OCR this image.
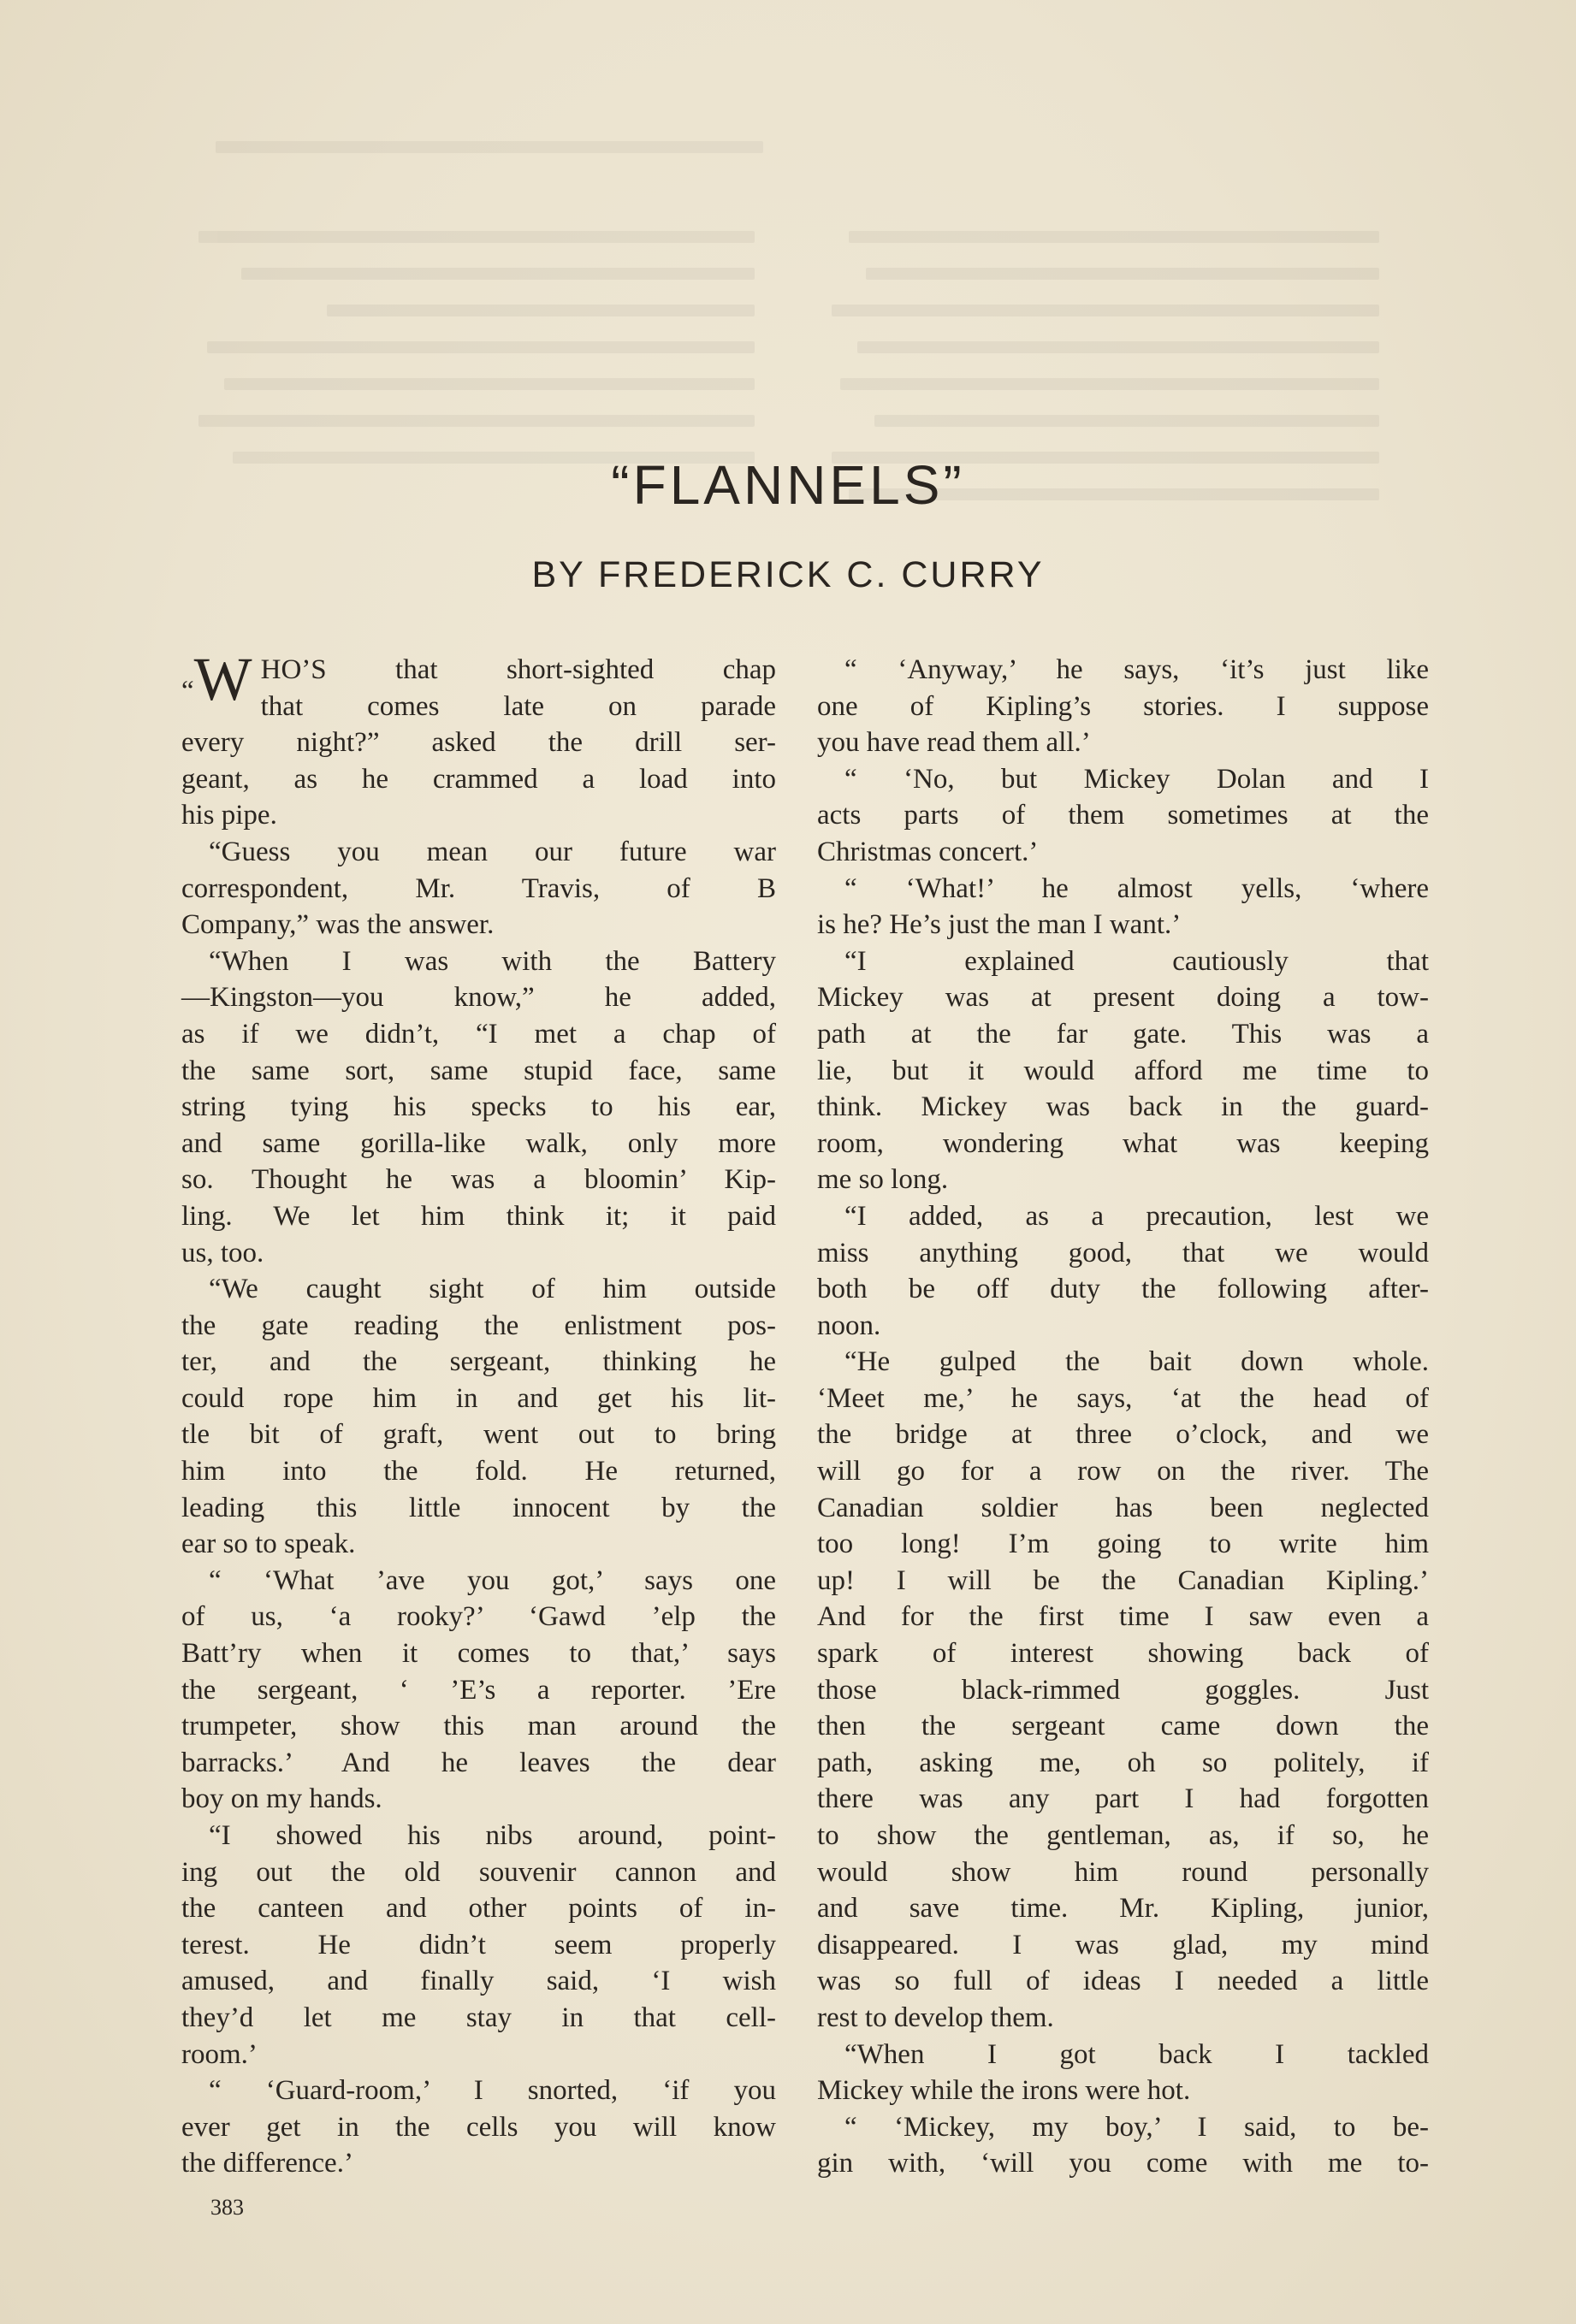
“FLANNELS”
BY FREDERICK C. CURRY
“W HO’S that short-sighted chap
that comes late on parade
every night?” asked the drill ser-
geant, as he crammed a load into
his pipe.
“Guess you mean our future war
correspondent, Mr. Travis, of B
Company,” was the answer.
“When I was with the Battery
—Kingston—you know,” he added,
as if we didn’t, “I met a chap of
the same sort, same stupid face, same
string tying his specks to his ear,
and same gorilla-like walk, only more
so. Thought he was a bloomin’ Kip-
ling. We let him think it; it paid
us, too.
“We caught sight of him outside
the gate reading the enlistment pos-
ter, and the sergeant, thinking he
could rope him in and get his lit-
tle bit of graft, went out to bring
him into the fold. He returned,
leading this little innocent by the
ear so to speak.
“ ‘What ’ave you got,’ says one
of us, ‘a rooky?’ ‘Gawd ’elp the
Batt’ry when it comes to that,’ says
the sergeant, ‘ ’E’s a reporter. ’Ere
trumpeter, show this man around the
barracks.’ And he leaves the dear
boy on my hands.
“I showed his nibs around, point-
ing out the old souvenir cannon and
the canteen and other points of in-
terest. He didn’t seem properly
amused, and finally said, ‘I wish
they’d let me stay in that cell-
room.’
“ ‘Guard-room,’ I snorted, ‘if you
ever get in the cells you will know
the difference.’
“ ‘Anyway,’ he says, ‘it’s just like
one of Kipling’s stories. I suppose
you have read them all.’
“ ‘No, but Mickey Dolan and I
acts parts of them sometimes at the
Christmas concert.’
“ ‘What!’ he almost yells, ‘where
is he? He’s just the man I want.’
“I explained cautiously that
Mickey was at present doing a tow-
path at the far gate. This was a
lie, but it would afford me time to
think. Mickey was back in the guard-
room, wondering what was keeping
me so long.
“I added, as a precaution, lest we
miss anything good, that we would
both be off duty the following after-
noon.
“He gulped the bait down whole.
‘Meet me,’ he says, ‘at the head of
the bridge at three o’clock, and we
will go for a row on the river. The
Canadian soldier has been neglected
too long! I’m going to write him
up! I will be the Canadian Kipling.’
And for the first time I saw even a
spark of interest showing back of
those black-rimmed goggles. Just
then the sergeant came down the
path, asking me, oh so politely, if
there was any part I had forgotten
to show the gentleman, as, if so, he
would show him round personally
and save time. Mr. Kipling, junior,
disappeared. I was glad, my mind
was so full of ideas I needed a little
rest to develop them.
“When I got back I tackled
Mickey while the irons were hot.
“ ‘Mickey, my boy,’ I said, to be-
gin with, ‘will you come with me to-
383
